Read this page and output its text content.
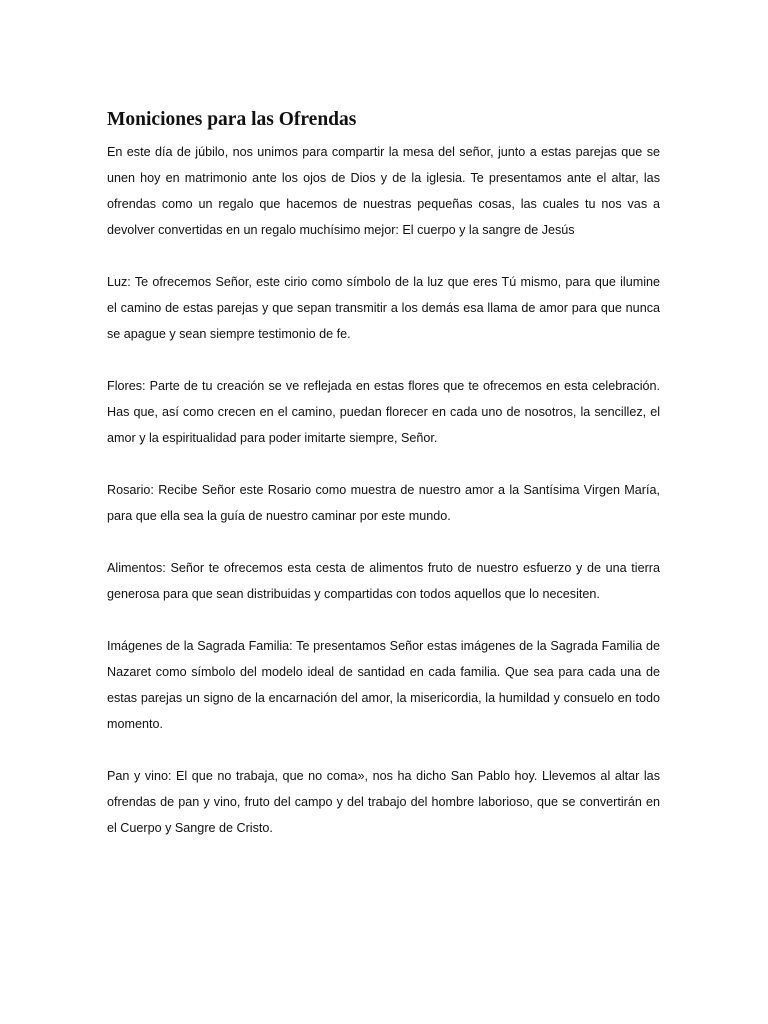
Moniciones para las Ofrendas

En este día de júbilo, nos unimos para compartir la mesa del señor, junto a estas parejas que se unen hoy en matrimonio ante los ojos de Dios y de la iglesia. Te presentamos ante el altar, las ofrendas como un regalo que hacemos de nuestras pequeñas cosas, las cuales tu nos vas a devolver convertidas en un regalo muchísimo mejor: El cuerpo y la sangre de Jesús

Luz: Te ofrecemos Señor, este cirio como símbolo de la luz que eres Tú mismo, para que ilumine el camino de estas parejas y que sepan transmitir a los demás esa llama de amor para que nunca se apague y sean siempre testimonio de fe.

Flores: Parte de tu creación se ve reflejada en estas flores que te ofrecemos en esta celebración. Has que, así como crecen en el camino, puedan florecer en cada uno de nosotros, la sencillez, el amor y la espiritualidad para poder imitarte siempre, Señor.

Rosario: Recibe Señor este Rosario como muestra de nuestro amor a la Santísima Virgen María, para que ella sea la guía de nuestro caminar por este mundo.

Alimentos: Señor te ofrecemos esta cesta de alimentos fruto de nuestro esfuerzo y de una tierra generosa para que sean distribuidas y compartidas con todos aquellos que lo necesiten.

Imágenes de la Sagrada Familia: Te presentamos Señor estas imágenes de la Sagrada Familia de Nazaret como símbolo del modelo ideal de santidad en cada familia. Que sea para cada una de estas parejas un signo de la encarnación del amor, la misericordia, la humildad y consuelo en todo momento.

Pan y vino: El que no trabaja, que no coma», nos ha dicho San Pablo hoy. Llevemos al altar las ofrendas de pan y vino, fruto del campo y del trabajo del hombre laborioso, que se convertirán en el Cuerpo y Sangre de Cristo.
